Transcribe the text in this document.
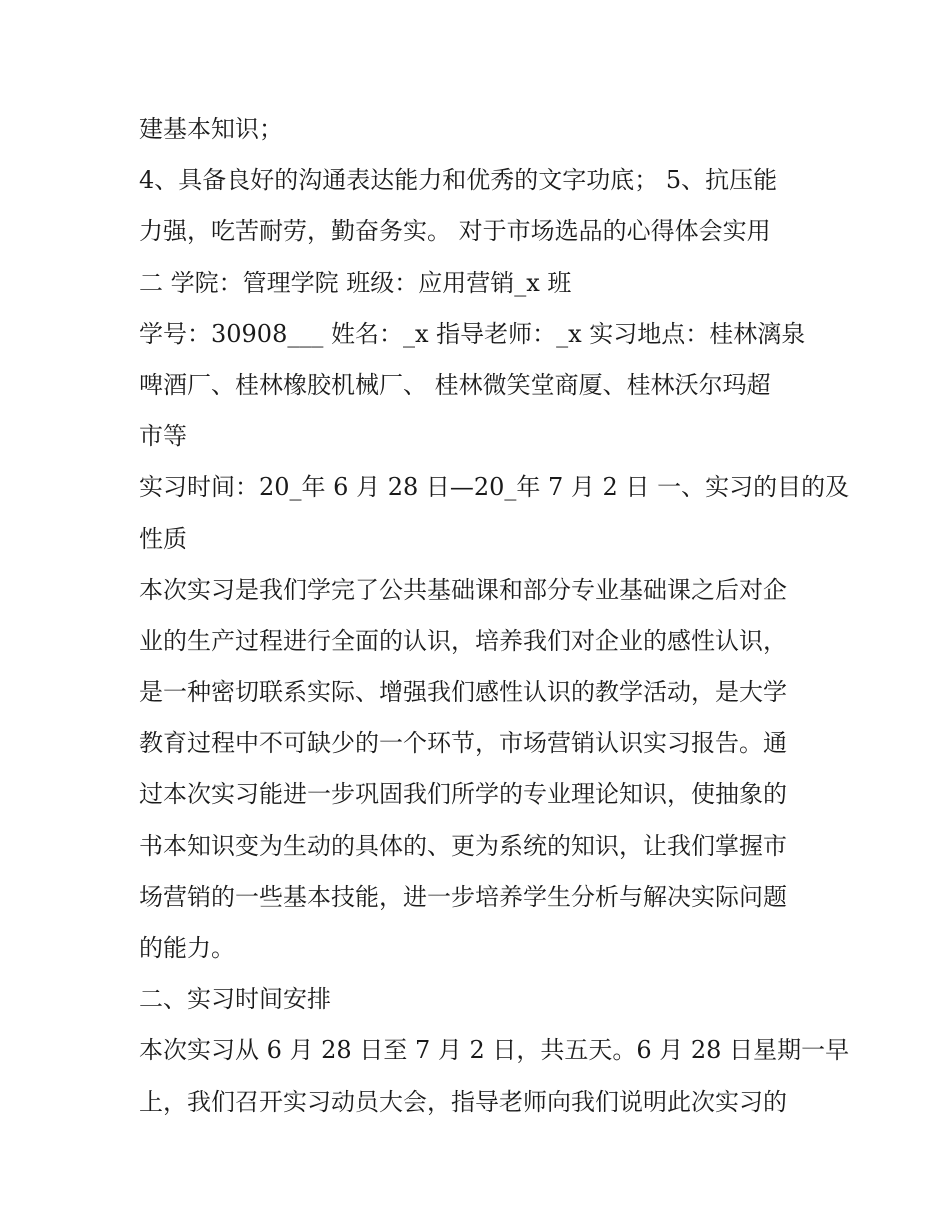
建基本知识；
4、具备良好的沟通表达能力和优秀的文字功底； 5、抗压能
力强，吃苦耐劳，勤奋务实。 对于市场选品的心得体会实用
二 学院：管理学院 班级：应用营销_x 班
学号：30908___ 姓名：_x 指导老师：_x 实习地点：桂林漓泉
啤酒厂、桂林橡胶机械厂、 桂林微笑堂商厦、桂林沃尔玛超
市等
实习时间：20_年 6 月 28 日—20_年 7 月 2 日 一、实习的目的及
性质
本次实习是我们学完了公共基础课和部分专业基础课之后对企
业的生产过程进行全面的认识，培养我们对企业的感性认识，
是一种密切联系实际、增强我们感性认识的教学活动，是大学
教育过程中不可缺少的一个环节，市场营销认识实习报告。通
过本次实习能进一步巩固我们所学的专业理论知识，使抽象的
书本知识变为生动的具体的、更为系统的知识，让我们掌握市
场营销的一些基本技能，进一步培养学生分析与解决实际问题
的能力。
二、实习时间安排
本次实习从 6 月 28 日至 7 月 2 日，共五天。6 月 28 日星期一早
上，我们召开实习动员大会，指导老师向我们说明此次实习的
